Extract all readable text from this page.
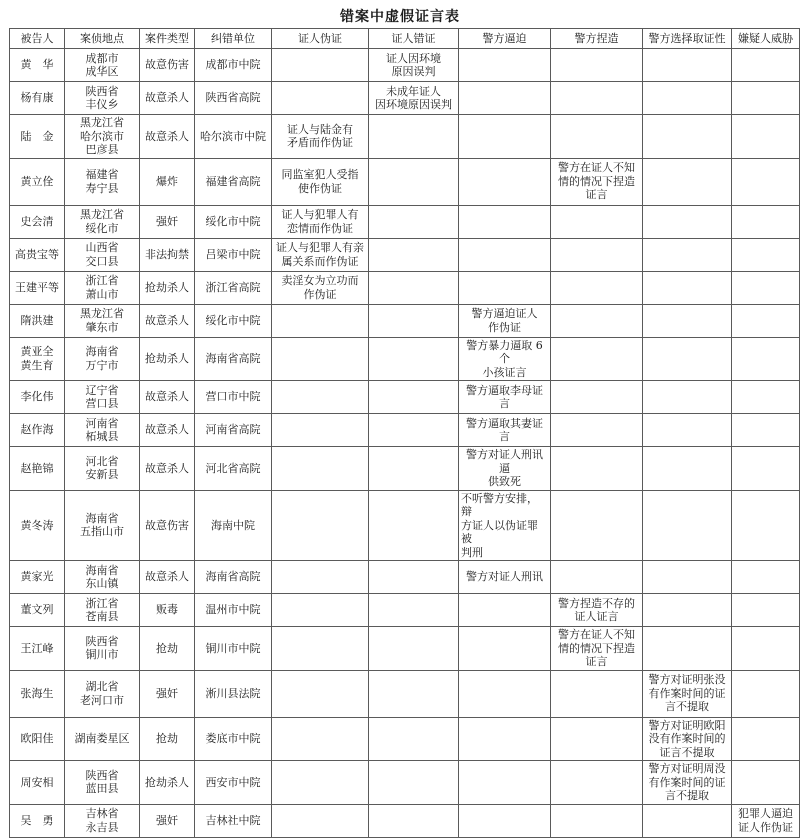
错案中虚假证言表
被告人	案侦地点	案件类型	纠错单位	证人伪证	证人错证	警方逼迫	警方捏造	警方选择取证性	嫌疑人威胁

黄　华	成都市
成华区	故意伤害	成都市中院		证人因环境
原因误判				

杨有康	陕西省
丰仪乡	故意杀人	陕西省高院		未成年证人
因环境原因误判				

陆　金	黑龙江省
哈尔滨市
巴彦县	故意杀人	哈尔滨市中院	证人与陆金有
矛盾而作伪证					

黄立佺	福建省
寿宁县	爆炸	福建省高院	同监室犯人受指
使作伪证			警方在证人不知
情的情况下捏造
证言		

史会清	黑龙江省
绥化市	强奸	绥化市中院	证人与犯罪人有
恋情而作伪证					

高贵宝等	山西省
交口县	非法拘禁	吕梁市中院	证人与犯罪人有亲
属关系而作伪证					

王建平等	浙江省
萧山市	抢劫杀人	浙江省高院	卖淫女为立功而
作伪证					

隋洪建	黑龙江省
肇东市	故意杀人	绥化市中院			警方逼迫证人
作伪证			

黄亚全
黄生育	海南省
万宁市	抢劫杀人	海南省高院			警方暴力逼取 6 个
小孩证言			

李化伟	辽宁省
营口县	故意杀人	营口市中院			警方逼取李母证言			

赵作海	河南省
柘城县	故意杀人	河南省高院			警方逼取其妻证言			

赵艳锦	河北省
安新县	故意杀人	河北省高院			警方对证人刑讯逼
供致死			

黄冬涛	海南省
五指山市	故意伤害	海南中院			不听警方安排，辩
方证人以伪证罪被
判刑			

黄家光	海南省
东山镇	故意杀人	海南省高院			警方对证人刑讯			

董文列	浙江省
苍南县	贩毒	温州市中院				警方捏造不存的
证人证言		

王江峰	陕西省
铜川市	抢劫	铜川市中院				警方在证人不知
情的情况下捏造
证言		

张海生	湖北省
老河口市	强奸	淅川县法院					警方对证明张没
有作案时间的证
言不提取	

欧阳佳	湖南娄星区	抢劫	娄底市中院					警方对证明欧阳
没有作案时间的
证言不提取	

周安相	陕西省
蓝田县	抢劫杀人	西安市中院					警方对证明周没
有作案时间的证
言不提取	

吴　勇	吉林省
永吉县	强奸	吉林社中院						犯罪人逼迫
证人作伪证
